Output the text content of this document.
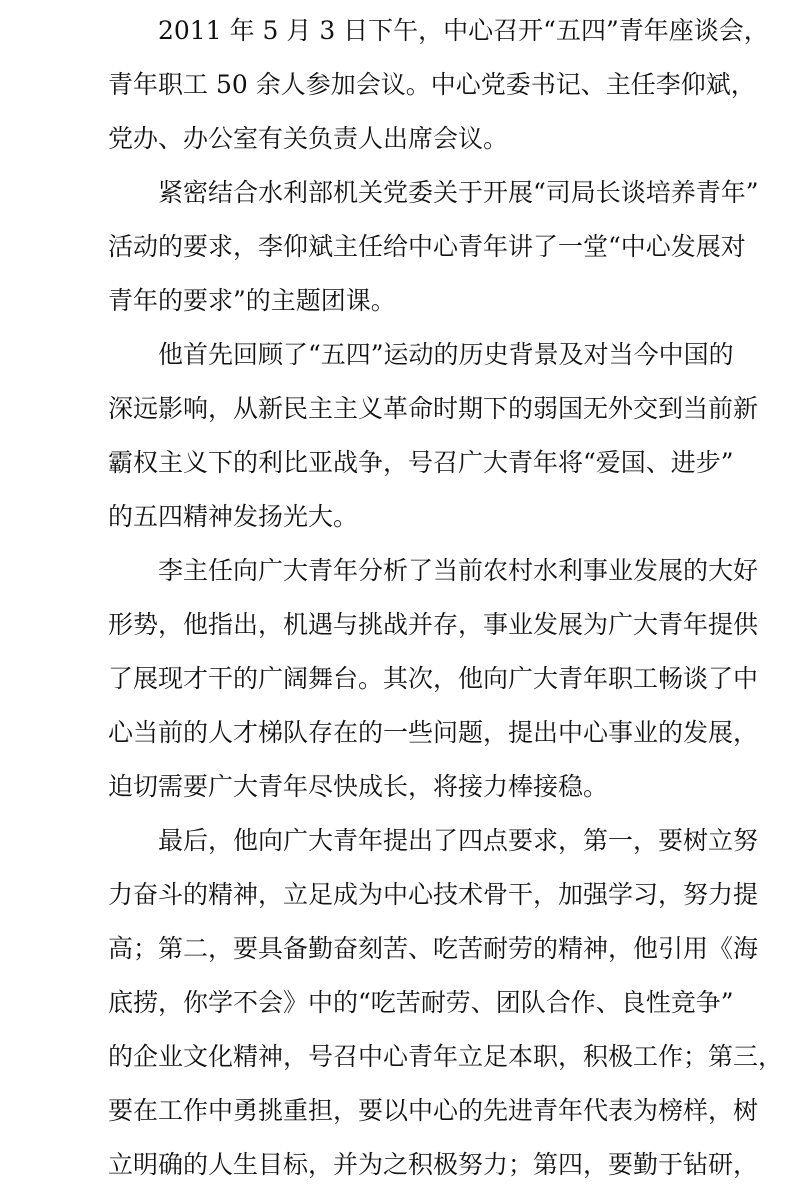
2011 年 5 月 3 日下午，中心召开“五四”青年座谈会，
青年职工 50 余人参加会议。中心党委书记、主任李仰斌，
党办、办公室有关负责人出席会议。
紧密结合水利部机关党委关于开展“司局长谈培养青年”
活动的要求，李仰斌主任给中心青年讲了一堂“中心发展对
青年的要求”的主题团课。
他首先回顾了“五四”运动的历史背景及对当今中国的
深远影响，从新民主主义革命时期下的弱国无外交到当前新
霸权主义下的利比亚战争，号召广大青年将“爱国、进步”
的五四精神发扬光大。
李主任向广大青年分析了当前农村水利事业发展的大好
形势，他指出，机遇与挑战并存，事业发展为广大青年提供
了展现才干的广阔舞台。其次，他向广大青年职工畅谈了中
心当前的人才梯队存在的一些问题，提出中心事业的发展，
迫切需要广大青年尽快成长，将接力棒接稳。
最后，他向广大青年提出了四点要求，第一，要树立努
力奋斗的精神，立足成为中心技术骨干，加强学习，努力提
高；第二，要具备勤奋刻苦、吃苦耐劳的精神，他引用《海
底捞，你学不会》中的“吃苦耐劳、团队合作、良性竞争”
的企业文化精神，号召中心青年立足本职，积极工作；第三，
要在工作中勇挑重担，要以中心的先进青年代表为榜样，树
立明确的人生目标，并为之积极努力；第四，要勤于钻研，
